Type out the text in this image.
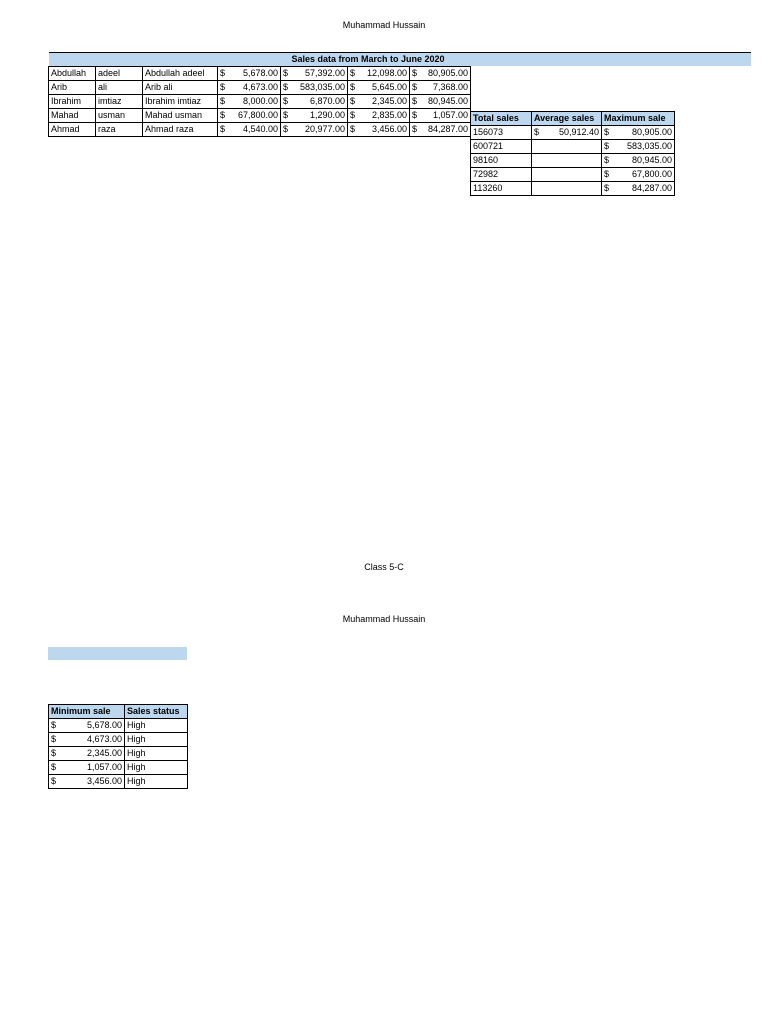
Muhammad Hussain
Sales data from March to June 2020										
Abdullah	adeel	Abdullah adeel	$ 5,678.00	$ 57,392.00	$ 12,098.00	$ 80,905.00				

Arib	ali	Arib ali	$ 4,673.00	$ 583,035.00	$ 5,645.00	$ 7,368.00				

Ibrahim	imtiaz	Ibrahim imtiaz	$ 8,000.00	$ 6,870.00	$ 2,345.00	$ 80,945.00				

Mahad	usman	Mahad usman	$ 67,800.00	$ 1,290.00	$ 2,835.00	$ 1,057.00				

Ahmad	raza	Ahmad raza	$ 4,540.00	$ 20,977.00	$ 3,456.00	$ 84,287.00				

Total sales	Average sales	Maximum sale
156073	$ 50,912.40	$ 80,905.00

600721		$ 583,035.00

98160		$ 80,945.00

72982		$ 67,800.00

113260		$ 84,287.00
Class 5-C
Muhammad Hussain
Minimum sale	Sales status

$ 5,678.00	High

$ 4,673.00	High

$ 2,345.00	High

$ 1,057.00	High

$ 3,456.00	High
